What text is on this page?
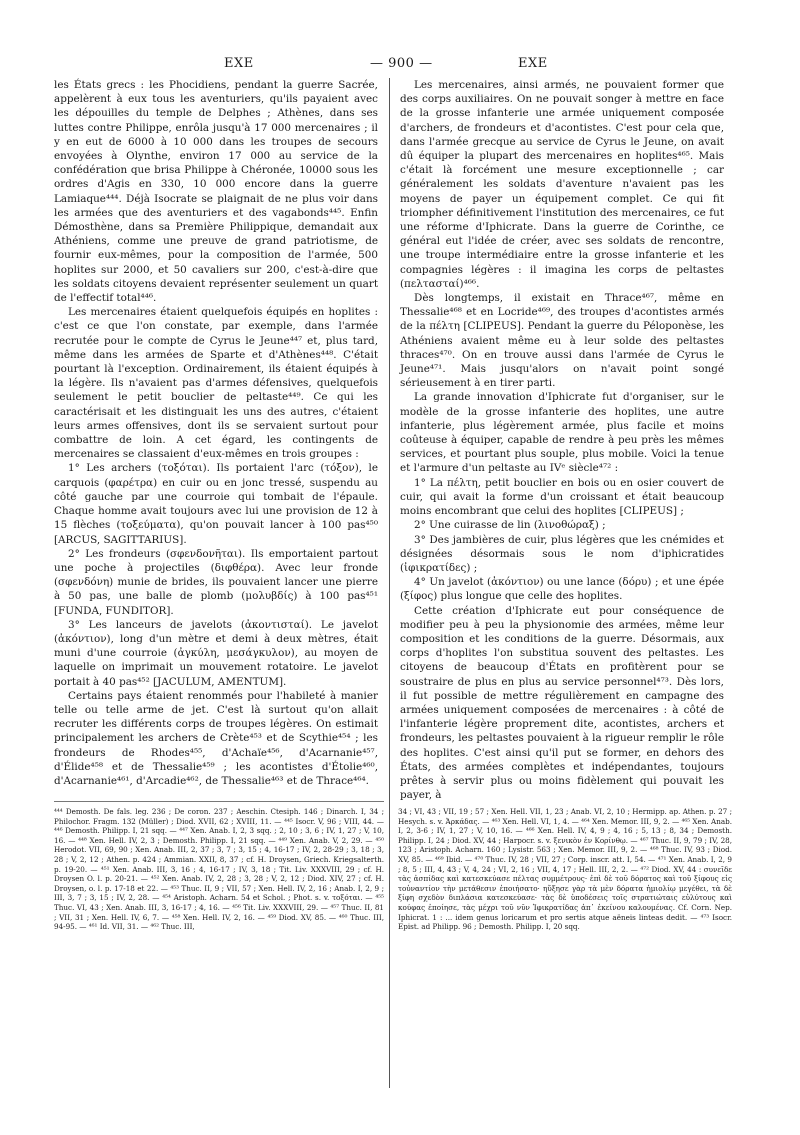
EXE	— 900 —	EXE

les États grecs : les Phocidiens, pendant la guerre Sacrée, appelèrent à eux tous les aventuriers, qu'ils payaient avec les dépouilles du temple de Delphes ; Athènes, dans ses luttes contre Philippe, enrôla jusqu'à 17 000 mercenaires ; il y en eut de 6000 à 10 000 dans les troupes de secours envoyées à Olynthe, environ 17 000 au service de la confédération que brisa Philippe à Chéronée, 10000 sous les ordres d'Agis en 330, 10 000 encore dans la guerre Lamiaque⁴⁴⁴. Déjà Isocrate se plaignait de ne plus voir dans les armées que des aventuriers et des vagabonds⁴⁴⁵. Enfin Démosthène, dans sa Première Philippique, demandait aux Athéniens, comme une preuve de grand patriotisme, de fournir eux-mêmes, pour la composition de l'armée, 500 hoplites sur 2000, et 50 cavaliers sur 200, c'est-à-dire que les soldats citoyens devaient représenter seulement un quart de l'effectif total⁴⁴⁶.

Les mercenaires étaient quelquefois équipés en hoplites : c'est ce que l'on constate, par exemple, dans l'armée recrutée pour le compte de Cyrus le Jeune⁴⁴⁷ et, plus tard, même dans les armées de Sparte et d'Athènes⁴⁴⁸. C'était pourtant là l'exception. Ordinairement, ils étaient équipés à la légère. Ils n'avaient pas d'armes défensives, quelquefois seulement le petit bouclier de peltaste⁴⁴⁹. Ce qui les caractérisait et les distinguait les uns des autres, c'étaient leurs armes offensives, dont ils se servaient surtout pour combattre de loin. A cet égard, les contingents de mercenaires se classaient d'eux-mêmes en trois groupes :

1° Les archers (τοξόται). Ils portaient l'arc (τόξον), le carquois (φαρέτρα) en cuir ou en jonc tressé, suspendu au côté gauche par une courroie qui tombait de l'épaule. Chaque homme avait toujours avec lui une provision de 12 à 15 flèches (τοξεύματα), qu'on pouvait lancer à 100 pas⁴⁵⁰ [ARCUS, SAGITTARIUS].

2° Les frondeurs (σφενδονῆται). Ils emportaient partout une poche à projectiles (διφθέρα). Avec leur fronde (σφενδόνη) munie de brides, ils pouvaient lancer une pierre à 50 pas, une balle de plomb (μολυβδίς) à 100 pas⁴⁵¹ [FUNDA, FUNDITOR].

3° Les lanceurs de javelots (ἀκοντισταί). Le javelot (ἀκόντιον), long d'un mètre et demi à deux mètres, était muni d'une courroie (ἀγκύλη, μεσάγκυλον), au moyen de laquelle on imprimait un mouvement rotatoire. Le javelot portait à 40 pas⁴⁵² [JACULUM, AMENTUM].

Certains pays étaient renommés pour l'habileté à manier telle ou telle arme de jet. C'est là surtout qu'on allait recruter les différents corps de troupes légères. On estimait principalement les archers de Crète⁴⁵³ et de Scythie⁴⁵⁴ ; les frondeurs de Rhodes⁴⁵⁵, d'Achaïe⁴⁵⁶, d'Acarnanie⁴⁵⁷, d'Élide⁴⁵⁸ et de Thessalie⁴⁵⁹ ; les acontistes d'Étolie⁴⁶⁰, d'Acarnanie⁴⁶¹, d'Arcadie⁴⁶², de Thessalie⁴⁶³ et de Thrace⁴⁶⁴.

Les mercenaires, ainsi armés, ne pouvaient former que des corps auxiliaires. On ne pouvait songer à mettre en face de la grosse infanterie une armée uniquement composée d'archers, de frondeurs et d'acontistes. C'est pour cela que, dans l'armée grecque au service de Cyrus le Jeune, on avait dû équiper la plupart des mercenaires en hoplites⁴⁶⁵. Mais c'était là forcément une mesure exceptionnelle ; car généralement les soldats d'aventure n'avaient pas les moyens de payer un équipement complet. Ce qui fit triompher définitivement l'institution des mercenaires, ce fut une réforme d'Iphicrate. Dans la guerre de Corinthe, ce général eut l'idée de créer, avec ses soldats de rencontre, une troupe intermédiaire entre la grosse infanterie et les compagnies légères : il imagina les corps de peltastes (πελτασταί)⁴⁶⁶.

Dès longtemps, il existait en Thrace⁴⁶⁷, même en Thessalie⁴⁶⁸ et en Locride⁴⁶⁹, des troupes d'acontistes armés de la πέλτη [CLIPEUS]. Pendant la guerre du Péloponèse, les Athéniens avaient même eu à leur solde des peltastes thraces⁴⁷⁰. On en trouve aussi dans l'armée de Cyrus le Jeune⁴⁷¹. Mais jusqu'alors on n'avait point songé sérieusement à en tirer parti.

La grande innovation d'Iphicrate fut d'organiser, sur le modèle de la grosse infanterie des hoplites, une autre infanterie, plus légèrement armée, plus facile et moins coûteuse à équiper, capable de rendre à peu près les mêmes services, et pourtant plus souple, plus mobile. Voici la tenue et l'armure d'un peltaste au IVᵉ siècle⁴⁷² :

1° La πέλτη, petit bouclier en bois ou en osier couvert de cuir, qui avait la forme d'un croissant et était beaucoup moins encombrant que celui des hoplites [CLIPEUS] ;

2° Une cuirasse de lin (λινοθώραξ) ;

3° Des jambières de cuir, plus légères que les cnémides et désignées désormais sous le nom d'iphicratides (ἰφικρατίδες) ;

4° Un javelot (ἀκόντιον) ou une lance (δόρυ) ; et une épée (ξίφος) plus longue que celle des hoplites.

Cette création d'Iphicrate eut pour conséquence de modifier peu à peu la physionomie des armées, même leur composition et les conditions de la guerre. Désormais, aux corps d'hoplites l'on substitua souvent des peltastes. Les citoyens de beaucoup d'États en profitèrent pour se soustraire de plus en plus au service personnel⁴⁷³. Dès lors, il fut possible de mettre régulièrement en campagne des armées uniquement composées de mercenaires : à côté de l'infanterie légère proprement dite, acontistes, archers et frondeurs, les peltastes pouvaient à la rigueur remplir le rôle des hoplites. C'est ainsi qu'il put se former, en dehors des États, des armées complètes et indépendantes, toujours prêtes à servir plus ou moins fidèlement qui pouvait les payer, à

⁴⁴⁴ Demosth. De fals. leg. 236 ; De coron. 237 ; Aeschin. Ctesiph. 146 ; Dinarch. I, 34 ; Philochor. Fragm. 132 (Müller) ; Diod. XVII, 62 ; XVIII, 11. — ⁴⁴⁵ Isocr. V, 96 ; VIII, 44. — ⁴⁴⁶ Demosth. Philipp. I, 21 sqq. — ⁴⁴⁷ Xen. Anab. I, 2, 3 sqq. ; 2, 10 ; 3, 6 ; IV, 1, 27 ; V, 10, 16. — ⁴⁴⁸ Xen. Hell. IV, 2, 3 ; Demosth. Philipp. I, 21 sqq. — ⁴⁴⁹ Xen. Anab. V, 2, 29. — ⁴⁵⁰ Herodot. VII, 69, 90 ; Xen. Anab. III, 2, 37 ; 3, 7 ; 3, 15 ; 4, 16-17 ; IV, 2, 28-29 ; 3, 18 ; 3, 28 ; V, 2, 12 ; Athen. p. 424 ; Ammian. XXII, 8, 37 ; cf. H. Droysen, Griech. Kriegsalterth. p. 19-20. — ⁴⁵¹ Xen. Anab. III, 3, 16 ; 4, 16-17 ; IV, 3, 18 ; Tit. Liv. XXXVIII, 29 ; cf. H. Droysen O. l. p. 20-21. — ⁴⁵² Xen. Anab. IV, 2, 28 ; 3, 28 ; V, 2, 12 ; Diod. XIV, 27 ; cf. H. Droysen, o. l. p. 17-18 et 22. — ⁴⁵³ Thuc. II, 9 ; VII, 57 ; Xen. Hell. IV, 2, 16 ; Anab. I, 2, 9 ; III, 3, 7 ; 3, 15 ; IV, 2, 28. — ⁴⁵⁴ Aristoph. Acharn. 54 et Schol. ; Phot. s. v. τοξόται. — ⁴⁵⁵ Thuc. VI, 43 ; Xen. Anab. III, 3, 16-17 ; 4, 16. — ⁴⁵⁶ Tit. Liv. XXXVIII, 29. — ⁴⁵⁷ Thuc. II, 81 ; VII, 31 ; Xen. Hell. IV, 6, 7. — ⁴⁵⁸ Xen. Hell. IV, 2, 16. — ⁴⁵⁹ Diod. XV, 85. — ⁴⁶⁰ Thuc. III, 94-95. — ⁴⁶¹ Id. VII, 31. — ⁴⁶² Thuc. III,
34 ; VI, 43 ; VII, 19 ; 57 ; Xen. Hell. VII, 1, 23 ; Anab. VI, 2, 10 ; Hermipp. ap. Athen. p. 27 ; Hesych. s. v. Ἀρκάδας. — ⁴⁶³ Xen. Hell. VI, 1, 4. — ⁴⁶⁴ Xen. Memor. III, 9, 2. — ⁴⁶⁵ Xen. Anab. I, 2, 3-6 ; IV, 1, 27 ; V, 10, 16. — ⁴⁶⁶ Xen. Hell. IV, 4, 9 ; 4, 16 ; 5, 13 ; 8, 34 ; Demosth. Philipp. I, 24 ; Diod. XV, 44 ; Harpocr. s. v. ξενικὸν ἐν Κορίνθῳ. — ⁴⁶⁷ Thuc. II, 9, 79 ; IV, 28, 123 ; Aristoph. Acharn. 160 ; Lysistr. 563 ; Xen. Memor. III, 9, 2. — ⁴⁶⁸ Thuc. IV, 93 ; Diod. XV, 85. — ⁴⁶⁹ Ibid. — ⁴⁷⁰ Thuc. IV, 28 ; VII, 27 ; Corp. inscr. att. I, 54. — ⁴⁷¹ Xen. Anab. I, 2, 9 ; 8, 5 ; III, 4, 43 ; V, 4, 24 ; VI, 2, 16 ; VII, 4, 17 ; Hell. III, 2, 2. — ⁴⁷² Diod. XV, 44 : συνεῖδε τὰς ἀσπίδας καὶ κατεσκεύασε πέλτας συμμέτρους· ἐπὶ δὲ τοῦ δόρατος καὶ τοῦ ξίφους εἰς τοὐναντίον τὴν μετάθεσιν ἐποιήσατο· ηὔξησε γὰρ τὰ μὲν δόρατα ἡμιολίῳ μεγέθει, τὰ δὲ ξίφη σχεδὸν διπλάσια κατεσκεύασε· τὰς δὲ ὑποδέσεις τοῖς στρατιώταις εὐλύτους καὶ κούφας ἐποίησε, τὰς μέχρι τοῦ νῦν Ἰφικρατίδας ἀπ᾽ ἐκείνου καλουμένας. Cf. Corn. Nep. Iphicrat. 1 : ... idem genus loricarum et pro sertis atque aëneis linteas dedit. — ⁴⁷³ Isocr. Epist. ad Philipp. 96 ; Demosth. Philipp. I, 20 sqq.
